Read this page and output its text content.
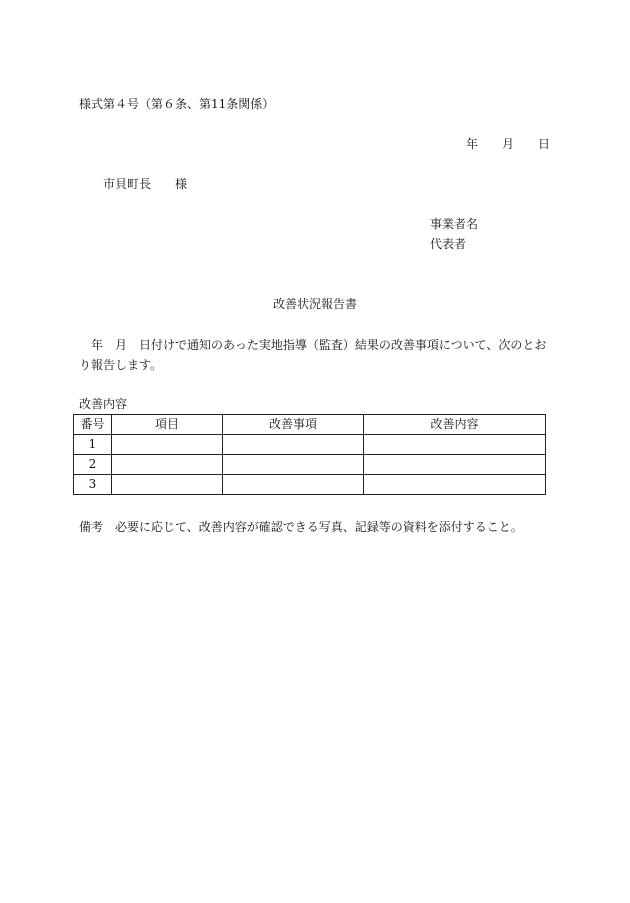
様式第４号（第６条、第11条関係）
年 月 日
市貝町長 様
事業者名
代表者
改善状況報告書
年 月 日付けで通知のあった実地指導（監査）結果の改善事項について、次のとおり報告します。
改善内容
番号	項目	改善事項	改善内容
1			
2			
3			
備考 必要に応じて、改善内容が確認できる写真、記録等の資料を添付すること。
